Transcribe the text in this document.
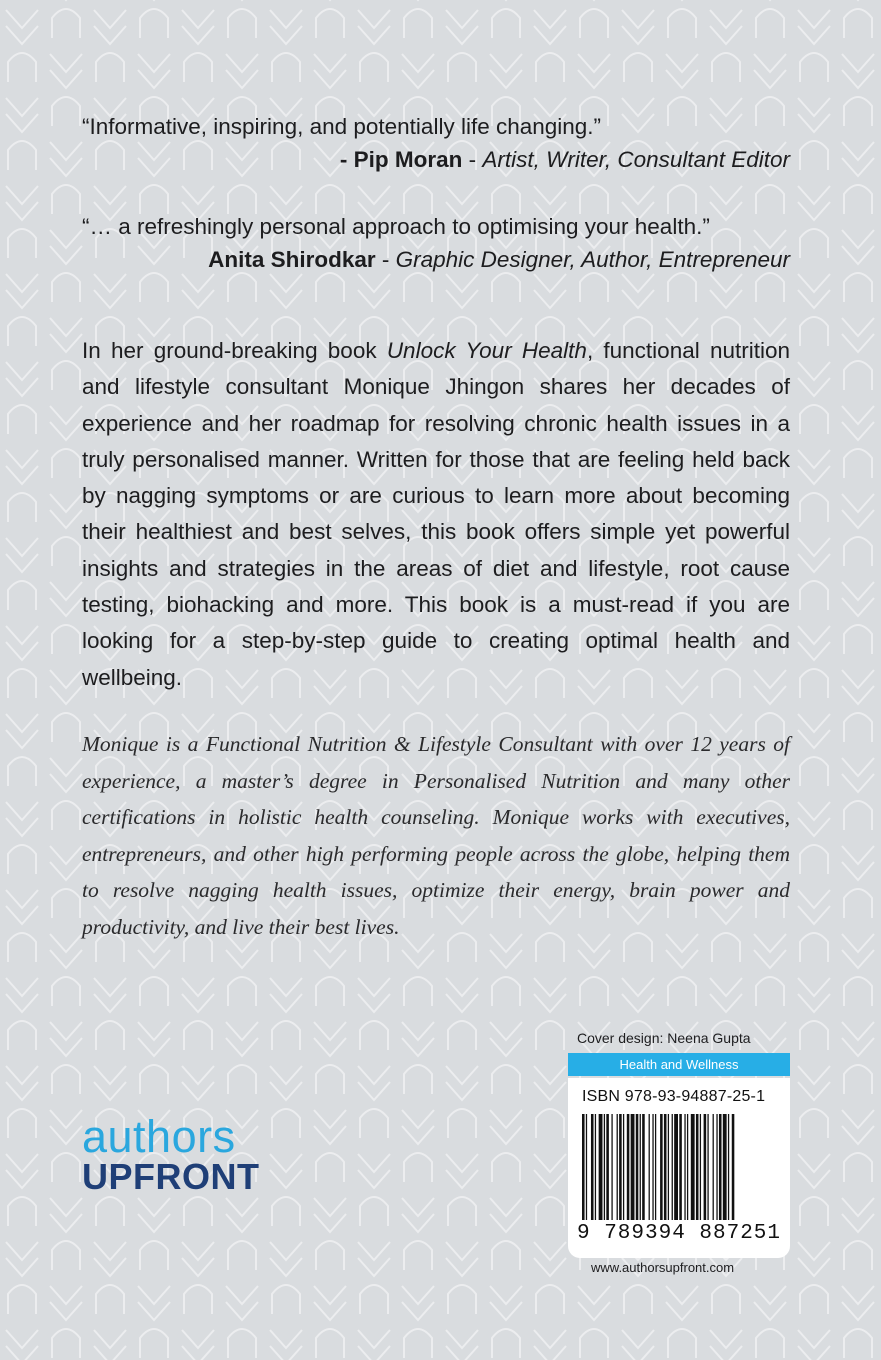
“Informative, inspiring, and potentially life changing.”
- Pip Moran - Artist, Writer, Consultant Editor
“… a refreshingly personal approach to optimising your health.”
Anita Shirodkar - Graphic Designer, Author, Entrepreneur

In her ground-breaking book Unlock Your Health, functional nutrition and lifestyle consultant Monique Jhingon shares her decades of experience and her roadmap for resolving chronic health issues in a truly personalised manner. Written for those that are feeling held back by nagging symptoms or are curious to learn more about becoming their healthiest and best selves, this book offers simple yet powerful insights and strategies in the areas of diet and lifestyle, root cause testing, biohacking and more. This book is a must-read if you are looking for a step-by-step guide to creating optimal health and wellbeing.

Monique is a Functional Nutrition & Lifestyle Consultant with over 12 years of experience, a master’s degree in Personalised Nutrition and many other certifications in holistic health counseling. Monique works with executives, entrepreneurs, and other high performing people across the globe, helping them to resolve nagging health issues, optimize their energy, brain power and productivity, and live their best lives.

authors
UPFRONT
Cover design: Neena Gupta
Health and Wellness
ISBN 978-93-94887-25-1
9 789394 887251
www.authorsupfront.com
